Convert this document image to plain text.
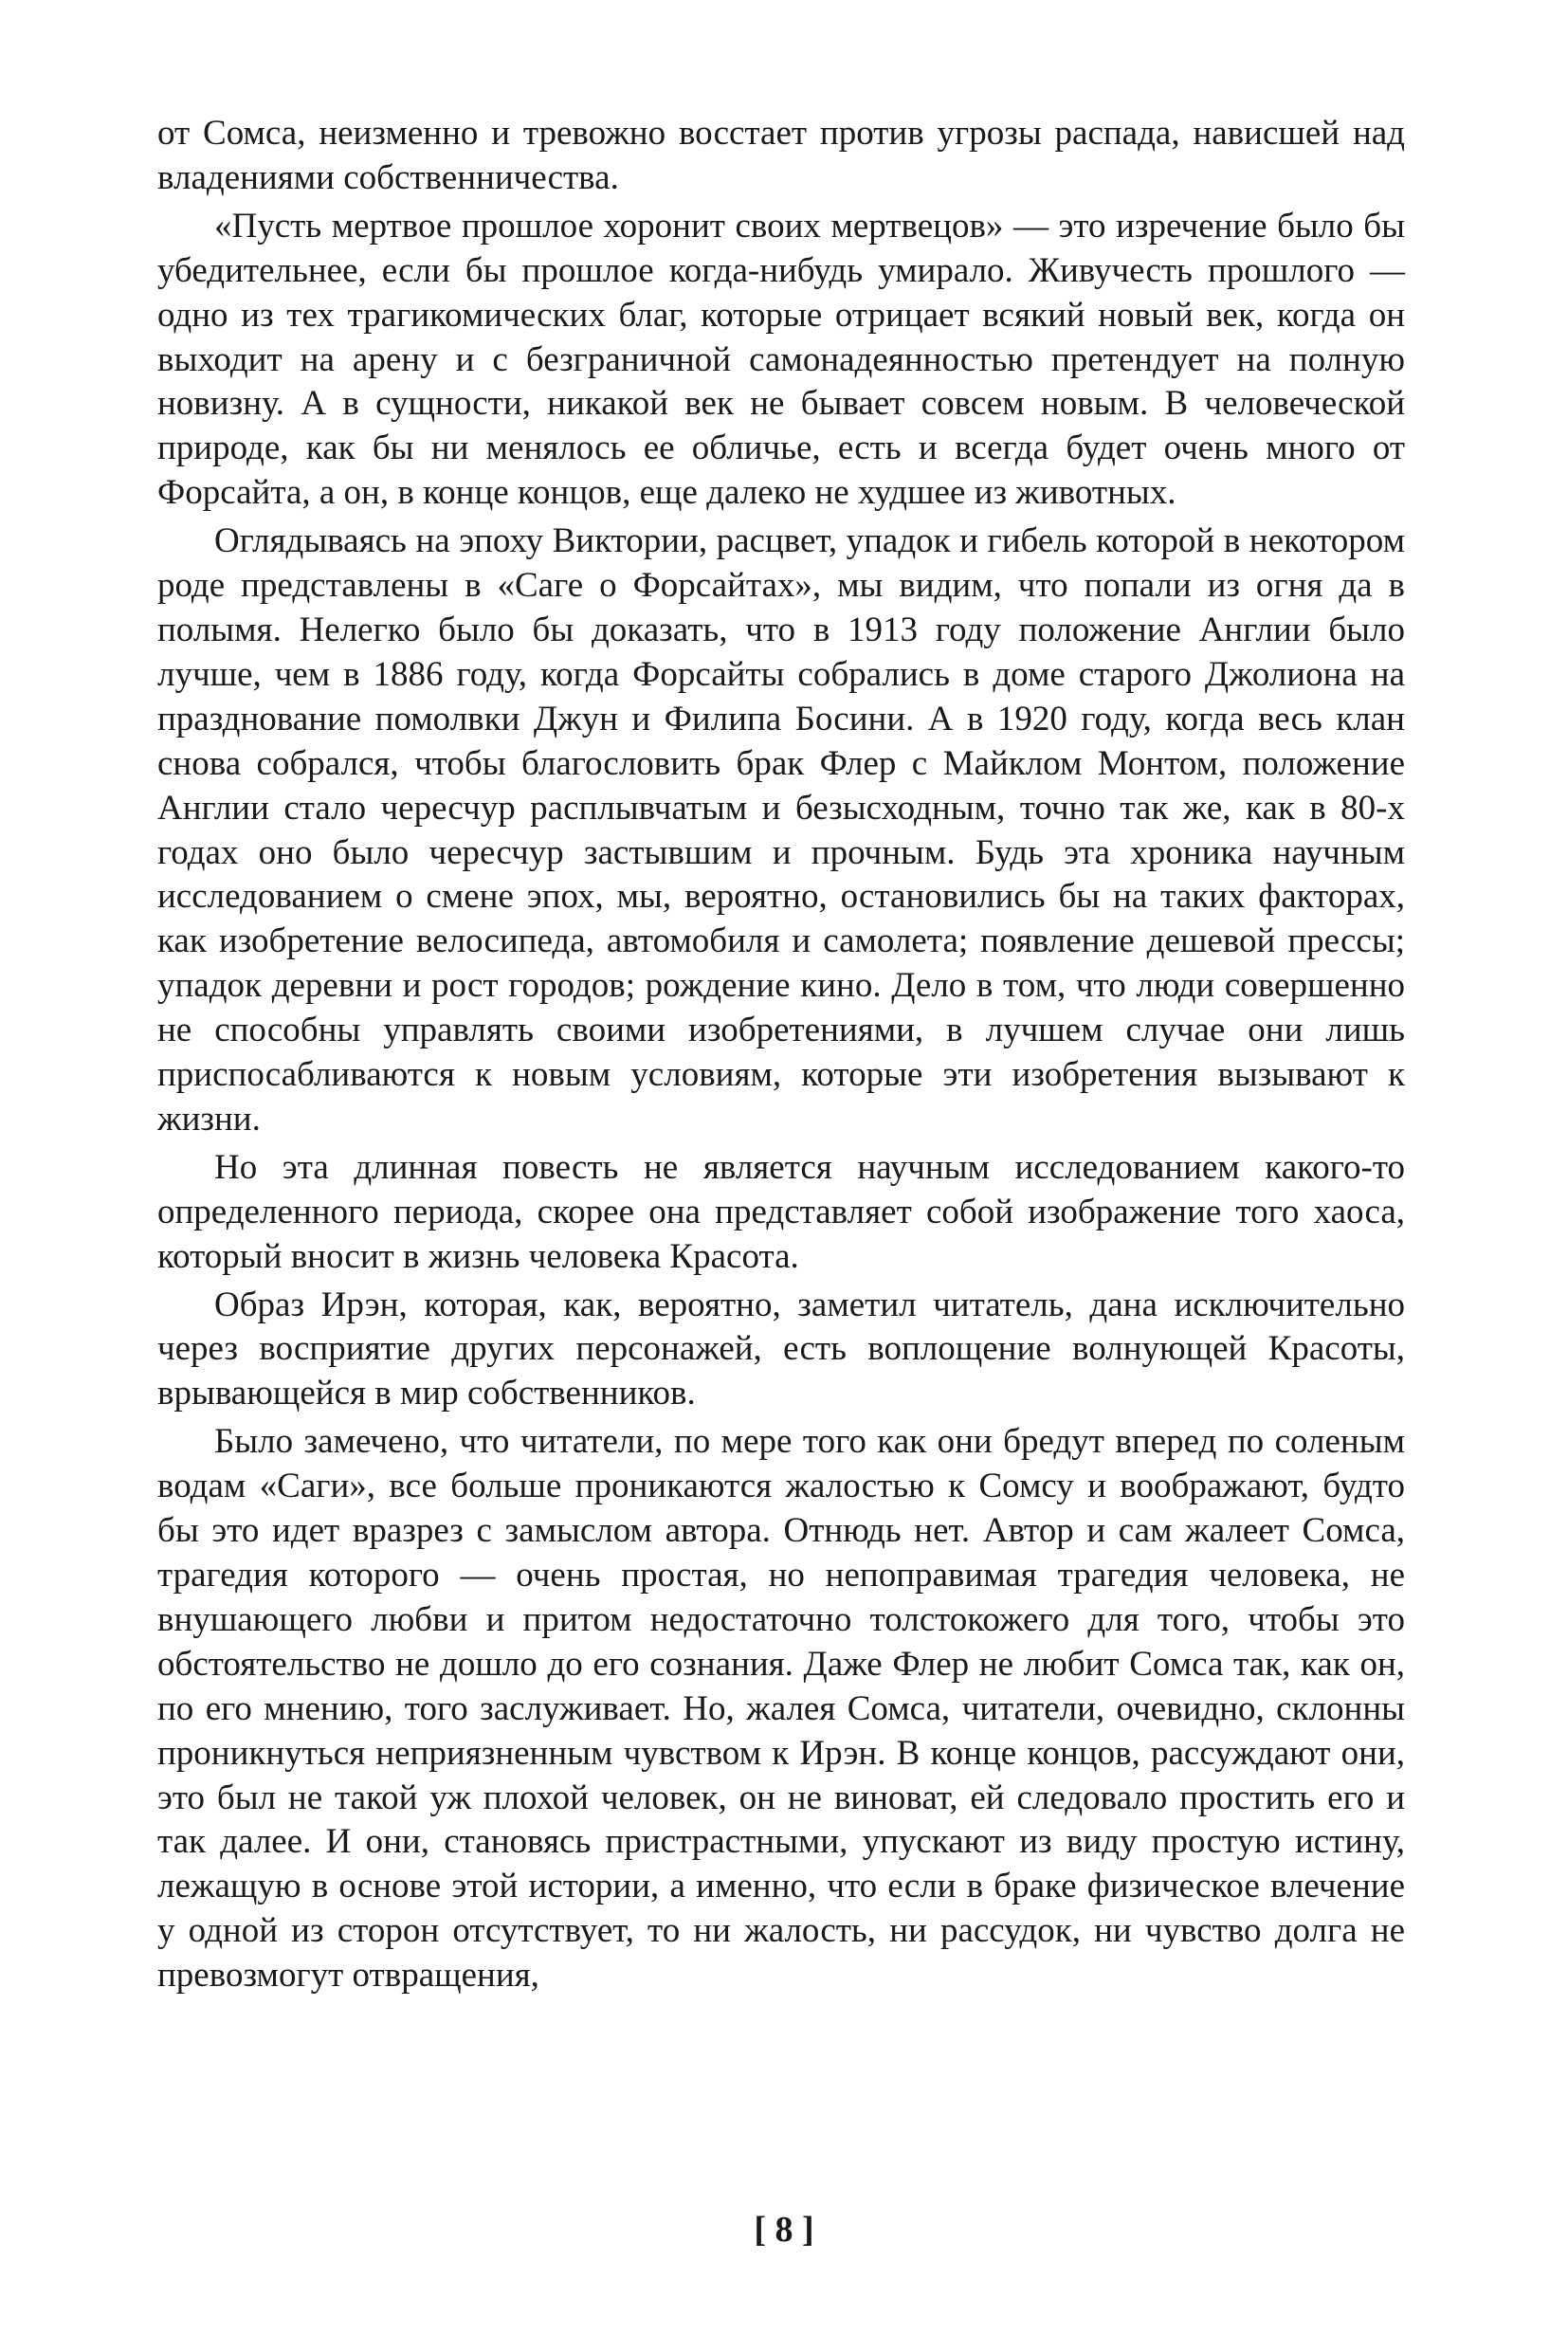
от Сомса, неизменно и тревожно восстает против угрозы распада, нависшей над владениями собственничества.

«Пусть мертвое прошлое хоронит своих мертвецов» — это изречение было бы убедительнее, если бы прошлое когда-нибудь умирало. Живучесть прошлого — одно из тех трагикомических благ, которые отрицает всякий новый век, когда он выходит на арену и с безграничной самонадеянностью претендует на полную новизну. А в сущности, никакой век не бывает совсем новым. В человеческой природе, как бы ни менялось ее обличье, есть и всегда будет очень много от Форсайта, а он, в конце концов, еще далеко не худшее из животных.

Оглядываясь на эпоху Виктории, расцвет, упадок и гибель которой в некотором роде представлены в «Саге о Форсайтах», мы видим, что попали из огня да в полымя. Нелегко было бы доказать, что в 1913 году положение Англии было лучше, чем в 1886 году, когда Форсайты собрались в доме старого Джолиона на празднование помолвки Джун и Филипа Босини. А в 1920 году, когда весь клан снова собрался, чтобы благословить брак Флер с Майклом Монтом, положение Англии стало чересчур расплывчатым и безысходным, точно так же, как в 80-х годах оно было чересчур застывшим и прочным. Будь эта хроника научным исследованием о смене эпох, мы, вероятно, остановились бы на таких факторах, как изобретение велосипеда, автомобиля и самолета; появление дешевой прессы; упадок деревни и рост городов; рождение кино. Дело в том, что люди совершенно не способны управлять своими изобретениями, в лучшем случае они лишь приспосабливаются к новым условиям, которые эти изобретения вызывают к жизни.

Но эта длинная повесть не является научным исследованием какого-то определенного периода, скорее она представляет собой изображение того хаоса, который вносит в жизнь человека Красота.

Образ Ирэн, которая, как, вероятно, заметил читатель, дана исключительно через восприятие других персонажей, есть воплощение волнующей Красоты, врывающейся в мир собственников.

Было замечено, что читатели, по мере того как они бредут вперед по соленым водам «Саги», все больше проникаются жалостью к Сомсу и воображают, будто бы это идет вразрез с замыслом автора. Отнюдь нет. Автор и сам жалеет Сомса, трагедия которого — очень простая, но непоправимая трагедия человека, не внушающего любви и притом недостаточно толстокожего для того, чтобы это обстоятельство не дошло до его сознания. Даже Флер не любит Сомса так, как он, по его мнению, того заслуживает. Но, жалея Сомса, читатели, очевидно, склонны проникнуться неприязненным чувством к Ирэн. В конце концов, рассуждают они, это был не такой уж плохой человек, он не виноват, ей следовало простить его и так далее. И они, становясь пристрастными, упускают из виду простую истину, лежащую в основе этой истории, а именно, что если в браке физическое влечение у одной из сторон отсутствует, то ни жалость, ни рассудок, ни чувство долга не превозмогут отвращения,

[ 8 ]
